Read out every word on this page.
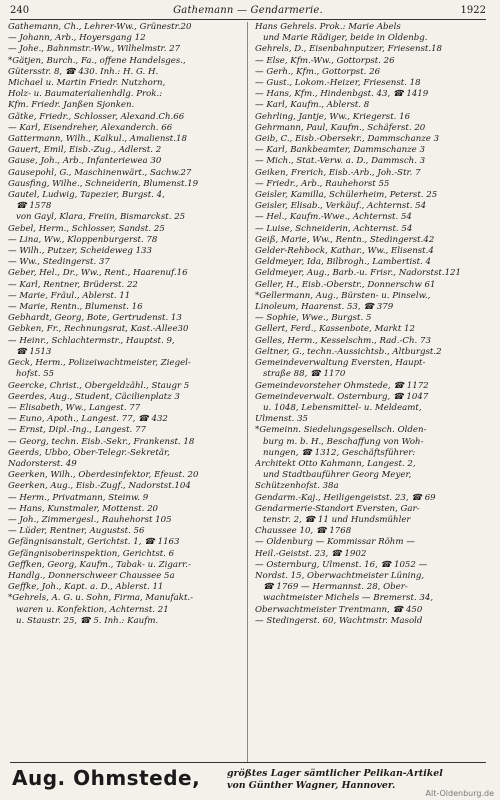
240	Gathemann — Gendarmerie.	1922
Gathemann, Ch., Lehrer-Ww., Grünestr.20
— Johann, Arb., Hoyersgang 12
— Johe., Bahnmstr.-Ww., Wilhelmstr. 27
*Gätjen, Burch., Fa., offene Handelsges.,
Gütersstr. 8, ☎ 430. Inh.: H. G. H.
Michael u. Martin Friedr. Nutzhorn,
Holz- u. Baumaterialienhdlg. Prok.:
Kfm. Friedr. Janßen Sjonken.
Gätke, Friedr., Schlosser, Alexand.Ch.66
— Karl, Eisendreher, Alexanderch. 66
Gattermann, Wilh., Kalkul., Amalienst.18
Gauert, Emil, Eisb.-Zug., Adlerst. 2
Gause, Joh., Arb., Infanteriewea 30
Gausepohl, G., Maschinenwärt., Sachw.27
Gausfing, Wilhe., Schneiderin, Blumenst.19
Gautel, Ludwig, Tapezier, Burgst. 4,
☎ 1578
von Gayl, Klara, Freiin, Bismarckst. 25
Gebel, Herm., Schlosser, Sandst. 25
— Lina, Ww., Kloppenburgerst. 78
— Wilh., Putzer, Scheideweg 133
— Ww., Stedingerst. 37
Geber, Hel., Dr., Ww., Rent., Haarenuf.16
— Karl, Rentner, Brüderst. 22
— Marie, Fräul., Ablerst. 11
— Marie, Rentn., Blumenst. 16
Gebhardt, Georg, Bote, Gertrudenst. 13
Gebken, Fr., Rechnungsrat, Kast.-Allee30
— Heinr., Schlachtermstr., Hauptst. 9,
☎ 1513
Geck, Herm., Polizeiwachtmeister, Ziegel-
hofst. 55
Geercke, Christ., Obergeldzähl., Staugr 5
Geerdes, Aug., Student, Cäcilienplatz 3
— Elisabeth, Ww., Langest. 77
— Euno, Apoth., Langest. 77, ☎ 432
— Ernst, Dipl.-Ing., Langest. 77
— Georg, techn. Eisb.-Sekr., Frankenst. 18
Geerds, Ubbo, Ober-Telegr.-Sekretär,
Nadorsterst. 49
Geerken, Wilh., Oberdesinfektor, Efeust. 20
Geerken, Aug., Eisb.-Zugf., Nadorstst.104
— Herm., Privatmann, Steinw. 9
— Hans, Kunstmaler, Mottenst. 20
— Joh., Zimmergesl., Rauhehorst 105
— Lüder, Rentner, Augustst. 56
Gefängnisanstalt, Gerichtst. 1, ☎ 1163
Gefängnisoberinspektion, Gerichtst. 6
Geffken, Georg, Kaufm., Tabak- u. Zigarr.-
Handlg., Donnerschweer Chaussee 5a
Geffke, Joh., Kapt. a. D., Ablerst. 11
*Gehrels, A. G. u. Sohn, Firma, Manufakt.-
waren u. Konfektion, Achternst. 21
u. Staustr. 25, ☎ 5. Inh.: Kaufm.
Hans Gehrels. Prok.: Marie Abels
und Marie Rädiger, beide in Oldenbg.
Gehrels, D., Eisenbahnputzer, Friesenst.18
— Else, Kfm.-Ww., Gottorpst. 26
— Gerh., Kfm., Gottorpst. 26
— Gust., Lokom.-Heizer, Friesenst. 18
— Hans, Kfm., Hindenbgst. 43, ☎ 1419
— Karl, Kaufm., Ablerst. 8
Gehrling, Jantje, Ww., Kriegerst. 16
Gehrmann, Paul, Kaufm., Schäferst. 20
Geib, C., Eisb.-Obersekr., Dammschanze 3
— Karl, Bankbeamter, Dammschanze 3
— Mich., Stat.-Verw. a. D., Dammsch. 3
Geiken, Frerich, Eisb.-Arb., Joh.-Str. 7
— Friedr., Arb., Rauhehorst 55
Geisler, Kamilla, Schülerheim, Peterst. 25
Geisler, Elisab., Verkäuf., Achternst. 54
— Hel., Kaufm.-Wwe., Achternst. 54
— Luise, Schneiderin, Achternst. 54
Geiß, Marie, Ww., Rentn., Stedingerst.42
Gelder-Rehbock, Kathar., Ww., Elisenst.4
Geldmeyer, Ida, Bilbrogh., Lambertist. 4
Geldmeyer, Aug., Barb.-u. Frisr., Nadorstst.121
Geller, H., Eisb.-Oberstr., Donnerschw 61
*Gellermann, Aug., Bürsten- u. Pinselw.,
Linoleum, Haarenst. 53, ☎ 379
— Sophie, Wwe., Burgst. 5
Gellert, Ferd., Kassenbote, Markt 12
Gelles, Herm., Kesselschm., Rad.-Ch. 73
Geltner, G., techn.-Aussichtsb., Altburgst.2
Gemeindeverwaltung Eversten, Haupt-
straße 88, ☎ 1170
Gemeindevorsteher Ohmstede, ☎ 1172
Gemeindeverwalt. Osternburg, ☎ 1047
u. 1048, Lebensmittel- u. Meldeamt,
Ulmenst. 35
*Gemeinn. Siedelungsgesellsch. Olden-
burg m. b. H., Beschaffung von Woh-
nungen, ☎ 1312, Geschäftsführer:
Architekt Otto Kahmann, Langest. 2,
und Stadtbauführer Georg Meyer,
Schützenhofst. 38a
Gendarm.-Kaj., Heiligengeistst. 23, ☎ 69
Gendarmerie-Standort Eversten, Gar-
tenstr. 2, ☎ 11 und Hundsmühler
Chaussee 10, ☎ 1768
— Oldenburg — Kommissar Röhm —
Heil.-Geistst. 23, ☎ 1902
— Osternburg, Ulmenst. 16, ☎ 1052 —
Nordst. 15, Oberwachtmeister Lüning,
☎ 1769 — Hermannst. 28, Ober-
wachtmeister Michels — Bremerst. 34,
Oberwachtmeister Trentmann, ☎ 450
— Stedingerst. 60, Wachtmstr. Masold
Aug. Ohmstede,	größtes Lager sämtlicher Pelikan-Artikel
von Günther Wagner, Hannover.
Alt-Oldenburg.de
